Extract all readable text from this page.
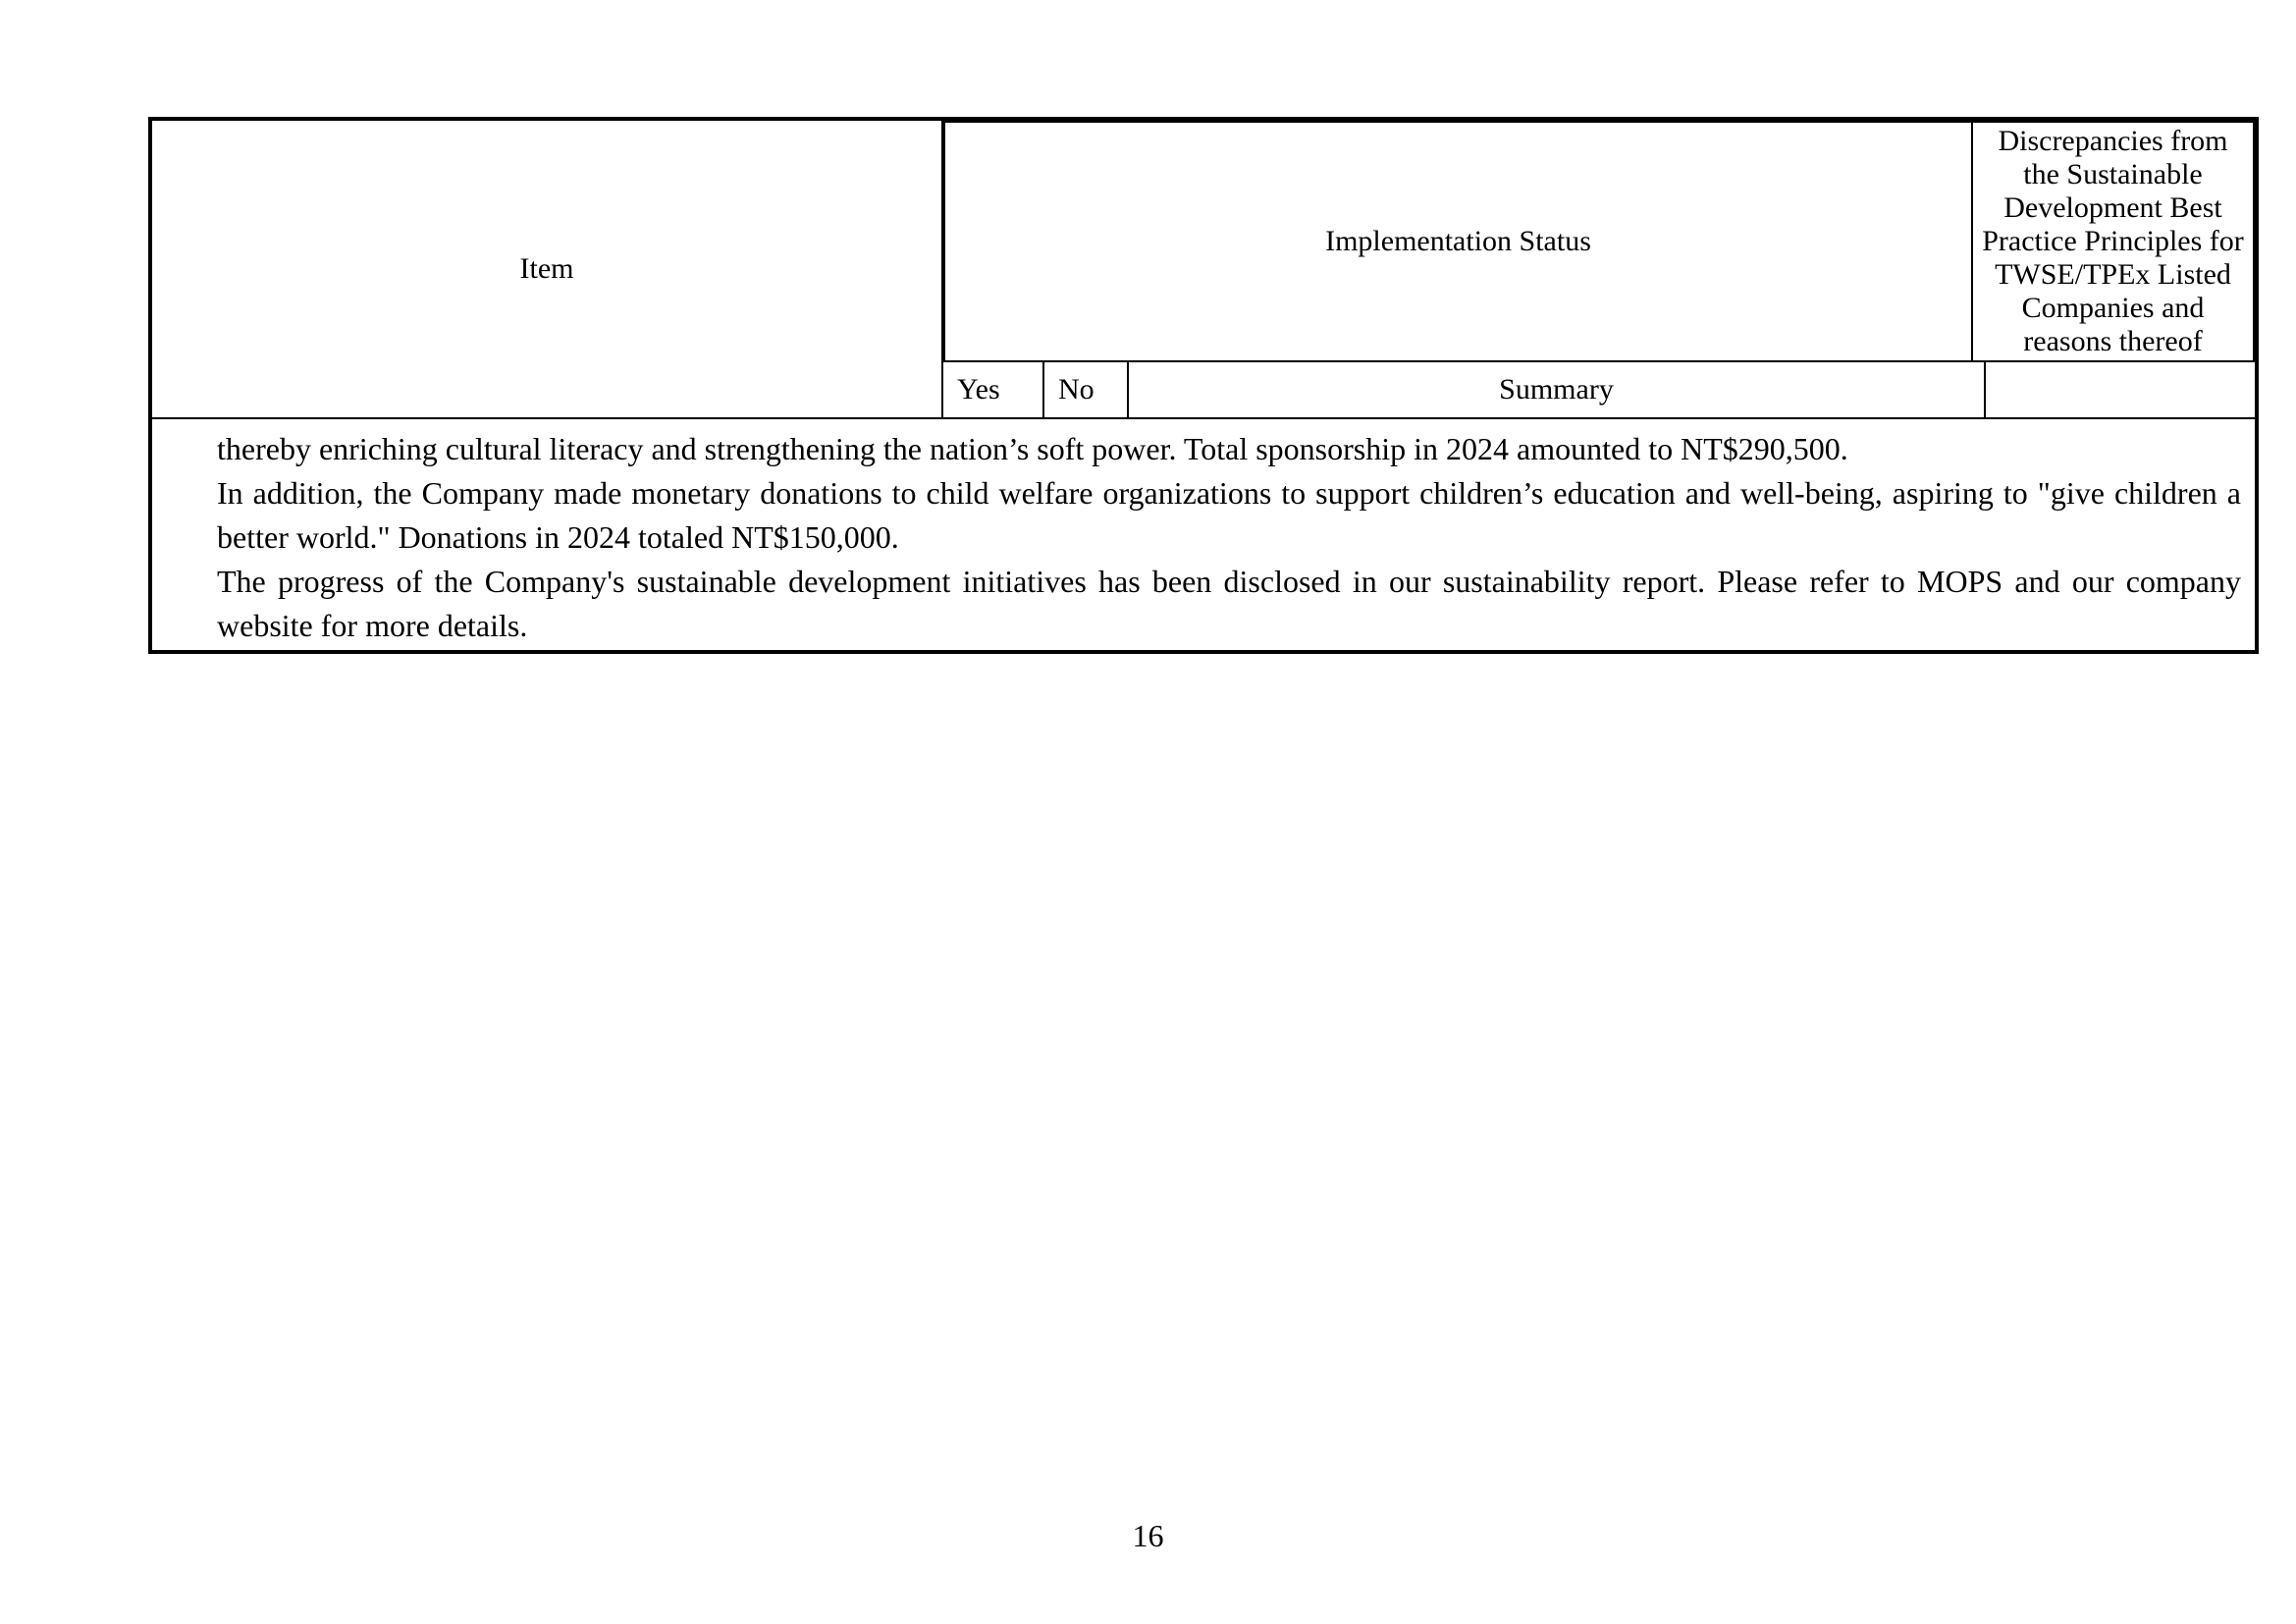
Item	
Implementation Status	Discrepancies from the Sustainable Development Best Practice Principles for TWSE/TPEx Listed Companies and reasons thereof

Yes	No	Summary	

thereby enriching cultural literacy and strengthening the nation’s soft power. Total sponsorship in 2024 amounted to NT$290,500.

In addition, the Company made monetary donations to child welfare organizations to support children’s education and well-being, aspiring to "give children a better world." Donations in 2024 totaled NT$150,000.

The progress of the Company's sustainable development initiatives has been disclosed in our sustainability report. Please refer to MOPS and our company website for more details.

16
